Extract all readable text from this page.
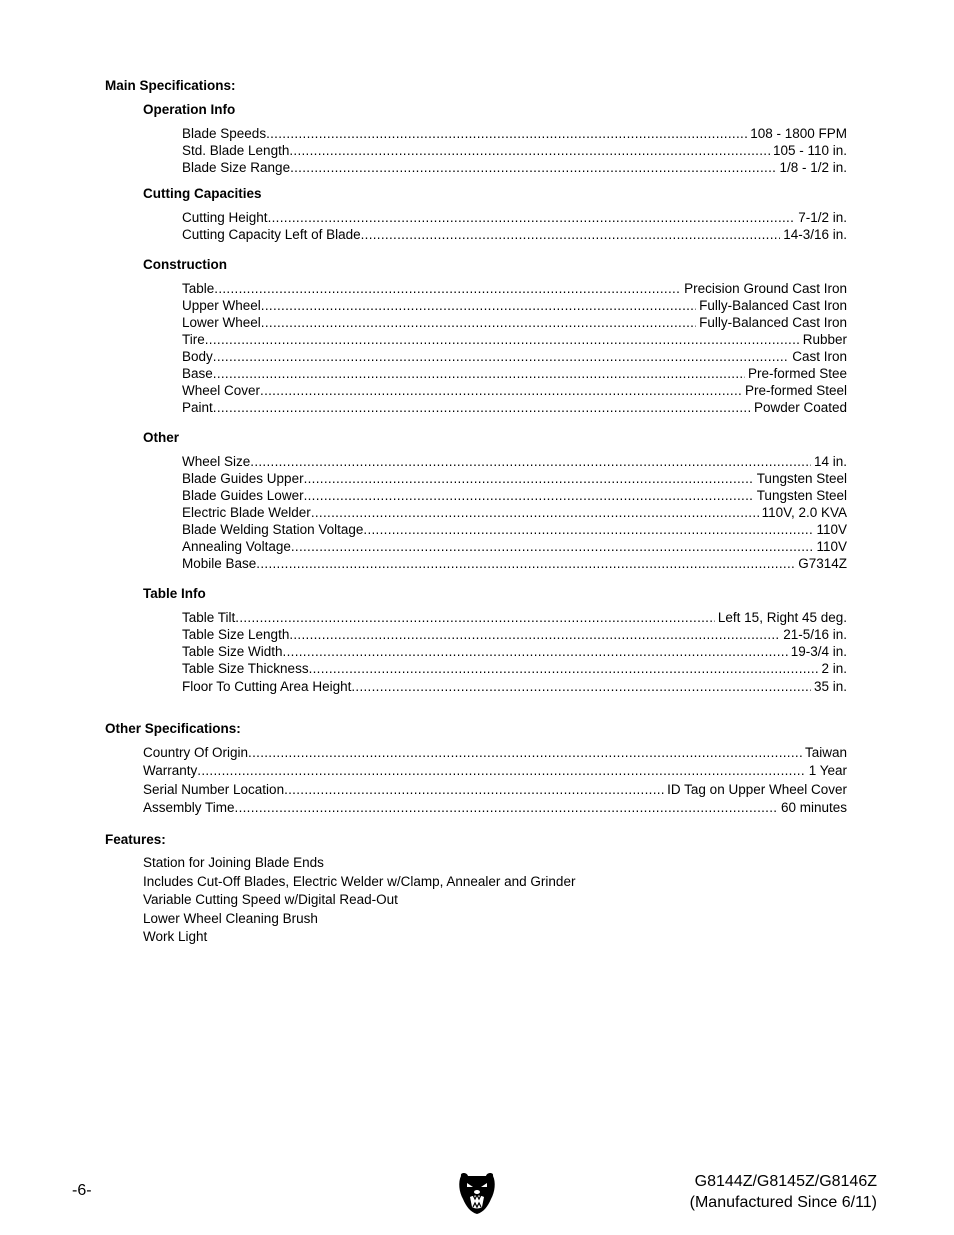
Main Specifications:
Operation Info
Blade Speeds .....	108 - 1800 FPM
Std. Blade Length .....	105 - 110 in.
Blade Size Range .....	1/8 - 1/2 in.
Cutting Capacities
Cutting Height .....	7-1/2 in.
Cutting Capacity Left of Blade .....	14-3/16 in.
Construction
Table .....	Precision Ground Cast Iron
Upper Wheel .....	Fully-Balanced Cast Iron
Lower Wheel .....	Fully-Balanced Cast Iron
Tire .....	Rubber
Body .....	Cast Iron
Base .....	Pre-formed Stee
Wheel Cover .....	Pre-formed Steel
Paint .....	Powder Coated
Other
Wheel Size .....	14 in.
Blade Guides Upper .....	Tungsten Steel
Blade Guides Lower .....	Tungsten Steel
Electric Blade Welder .....	110V, 2.0 KVA
Blade Welding Station Voltage .....	110V
Annealing Voltage .....	110V
Mobile Base .....	G7314Z
Table Info
Table Tilt .....	Left 15, Right 45 deg.
Table Size Length .....	21-5/16 in.
Table Size Width .....	19-3/4 in.
Table Size Thickness .....	2 in.
Floor To Cutting Area Height .....	35 in.
Other Specifications:
Country Of Origin .....	Taiwan
Warranty .....	1 Year
Serial Number Location .....	ID Tag on Upper Wheel Cover
Assembly Time .....	60 minutes
Features:
Station for Joining Blade Ends
Includes Cut-Off Blades, Electric Welder w/Clamp, Annealer and Grinder
Variable Cutting Speed w/Digital Read-Out
Lower Wheel Cleaning Brush
Work Light
-6-
G8144Z/G8145Z/G8146Z
(Manufactured Since 6/11)
